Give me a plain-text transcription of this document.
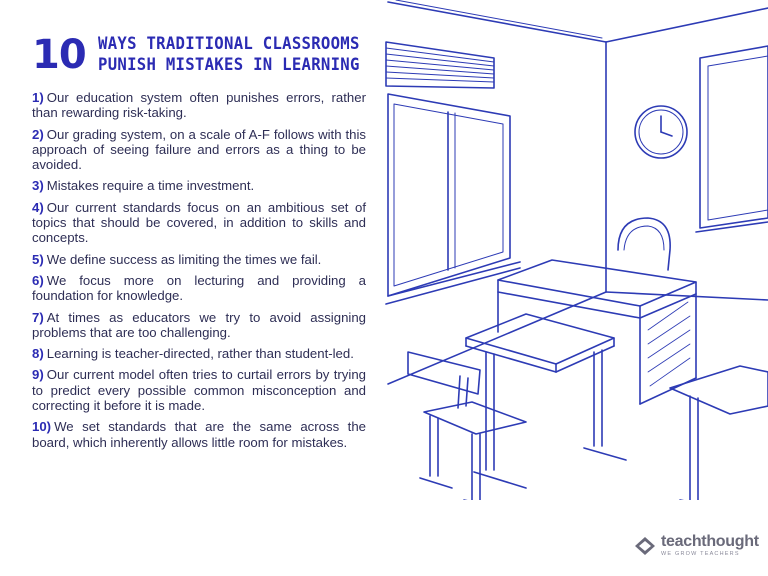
10 WAYS TRADITIONAL CLASSROOMS
PUNISH MISTAKES IN LEARNING
1) Our education system often punishes errors, rather than rewarding risk-taking.
2) Our grading system, on a scale of A-F follows with this approach of seeing failure and errors as a thing to be avoided.
3) Mistakes require a time investment.
4) Our current standards focus on an ambitious set of topics that should be covered, in addition to skills and concepts.
5) We define success as limiting the times we fail.
6) We focus more on lecturing and providing a foundation for knowledge.
7) At times as educators we try to avoid assigning problems that are too challenging.
8) Learning is teacher-directed, rather than student-led.
9) Our current model often tries to curtail errors by trying to predict every possible common misconception and correcting it before it is made.
10) We set standards that are the same across the board, which inherently allows little room for mistakes.
teachthought
WE GROW TEACHERS
